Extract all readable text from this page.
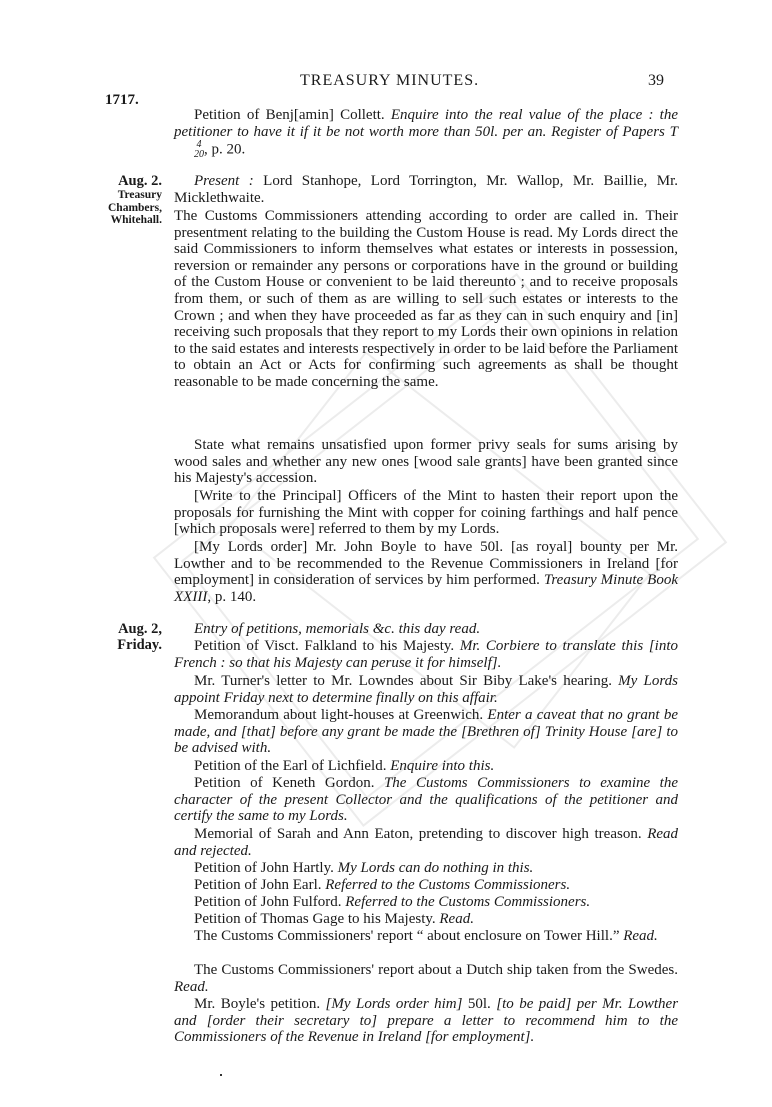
1717.
TREASURY MINUTES.	39

Petition of Benj[amin] Collett. Enquire into the real value of the place : the petitioner to have it if it be not worth more than 50l. per an. Register of Papers T
4
20 , p. 20.

Aug. 2.
Treasury
Chambers,
Whitehall.

Present : Lord Stanhope, Lord Torrington, Mr. Wallop, Mr. Baillie, Mr. Micklethwaite.

The Customs Commissioners attending according to order are called in. Their presentment relating to the building the Custom House is read. My Lords direct the said Commissioners to inform themselves what estates or interests in possession, reversion or remainder any persons or corporations have in the ground or building of the Custom House or convenient to be laid thereunto ; and to receive proposals from them, or such of them as are willing to sell such estates or interests to the Crown ; and when they have proceeded as far as they can in such enquiry and [in] receiving such proposals that they report to my Lords their own opinions in relation to the said estates and interests respectively in order to be laid before the Parliament to obtain an Act or Acts for confirming such agreements as shall be thought reasonable to be made concerning the same.

State what remains unsatisfied upon former privy seals for sums arising by wood sales and whether any new ones [wood sale grants] have been granted since his Majesty's accession.

[Write to the Principal] Officers of the Mint to hasten their report upon the proposals for furnishing the Mint with copper for coining farthings and half pence [which proposals were] referred to them by my Lords.

[My Lords order] Mr. John Boyle to have 50l. [as royal] bounty per Mr. Lowther and to be recommended to the Revenue Commissioners in Ireland [for employment] in consideration of services by him performed. Treasury Minute Book XXIII, p. 140.

Aug. 2,
Friday.

Entry of petitions, memorials &c. this day read.

Petition of Visct. Falkland to his Majesty. Mr. Corbiere to translate this [into French : so that his Majesty can peruse it for himself].

Mr. Turner's letter to Mr. Lowndes about Sir Biby Lake's hearing. My Lords appoint Friday next to determine finally on this affair.

Memorandum about light-houses at Greenwich. Enter a caveat that no grant be made, and [that] before any grant be made the [Brethren of] Trinity House [are] to be advised with.

Petition of the Earl of Lichfield. Enquire into this.

Petition of Keneth Gordon. The Customs Commissioners to examine the character of the present Collector and the qualifications of the petitioner and certify the same to my Lords.

Memorial of Sarah and Ann Eaton, pretending to discover high treason. Read and rejected.

Petition of John Hartly. My Lords can do nothing in this.

Petition of John Earl. Referred to the Customs Commissioners.

Petition of John Fulford. Referred to the Customs Commissioners.

Petition of Thomas Gage to his Majesty. Read.

The Customs Commissioners' report “ about enclosure on Tower Hill.” Read.

The Customs Commissioners' report about a Dutch ship taken from the Swedes. Read.

Mr. Boyle's petition. [My Lords order him] 50l. [to be paid] per Mr. Lowther and [order their secretary to] prepare a letter to recommend him to the Commissioners of the Revenue in Ireland [for employment].
